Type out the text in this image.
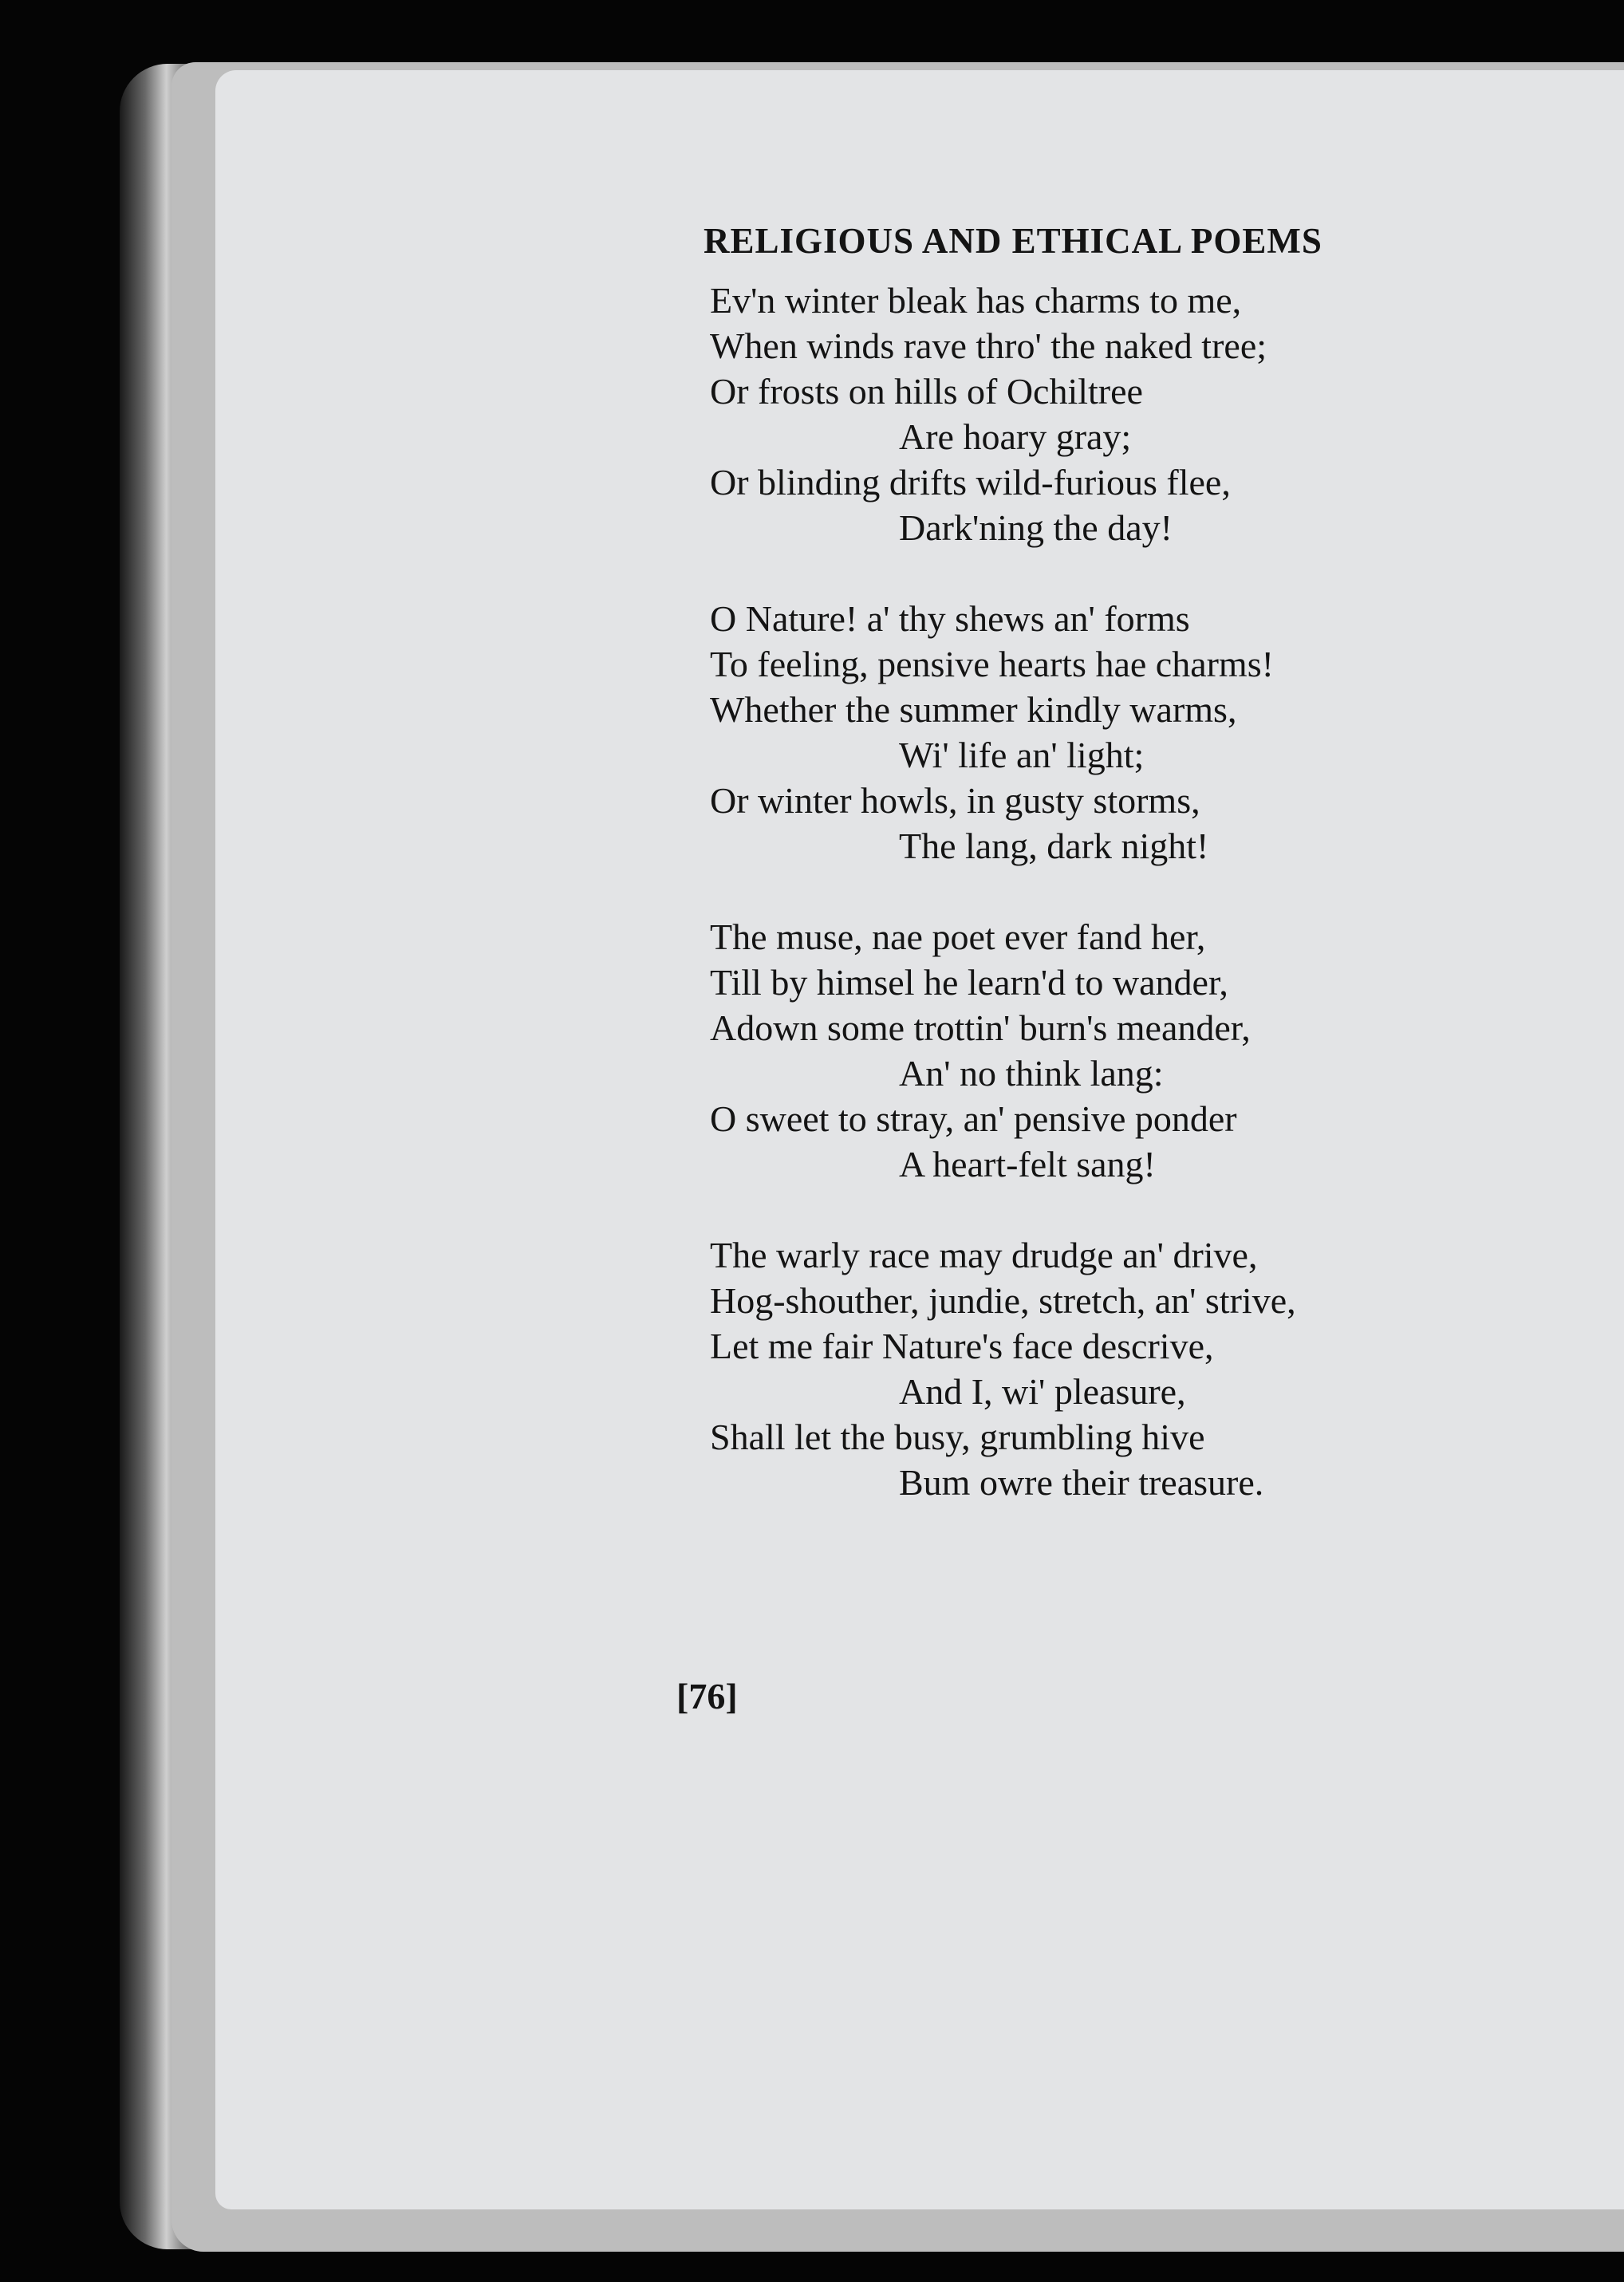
RELIGIOUS AND ETHICAL POEMS
Ev'n winter bleak has charms to me,
When winds rave thro' the naked tree;
Or frosts on hills of Ochiltree
Are hoary gray;
Or blinding drifts wild-furious flee,
Dark'ning the day!
O Nature! a' thy shews an' forms
To feeling, pensive hearts hae charms!
Whether the summer kindly warms,
Wi' life an' light;
Or winter howls, in gusty storms,
The lang, dark night!
The muse, nae poet ever fand her,
Till by himsel he learn'd to wander,
Adown some trottin' burn's meander,
An' no think lang:
O sweet to stray, an' pensive ponder
A heart-felt sang!
The warly race may drudge an' drive,
Hog-shouther, jundie, stretch, an' strive,
Let me fair Nature's face descrive,
And I, wi' pleasure,
Shall let the busy, grumbling hive
Bum owre their treasure.
[76]
